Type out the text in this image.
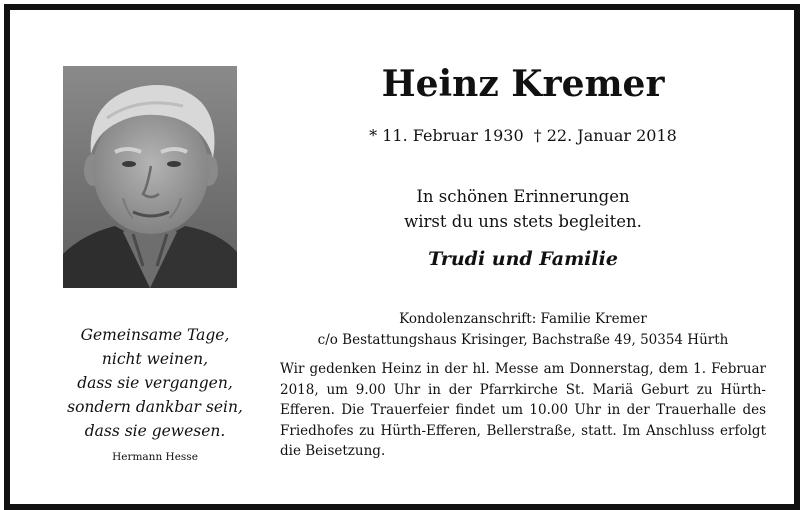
Gemeinsame Tage,
nicht weinen,
dass sie vergangen,
sondern dankbar sein,
dass sie gewesen.
Hermann Hesse
Heinz Kremer
* 11. Februar 1930 † 22. Januar 2018
In schönen Erinnerungen
wirst du uns stets begleiten.
Trudi und Familie
Kondolenzanschrift: Familie Kremer
c/o Bestattungshaus Krisinger, Bachstraße 49, 50354 Hürth
Wir gedenken Heinz in der hl. Messe am Donnerstag, dem 1. Februar 2018, um 9.00 Uhr in der Pfarrkirche St. Mariä Geburt zu Hürth-Efferen. Die Trauerfeier findet um 10.00 Uhr in der Trauerhalle des Friedhofes zu Hürth-Efferen, Bellerstraße, statt. Im Anschluss erfolgt die Beisetzung.
